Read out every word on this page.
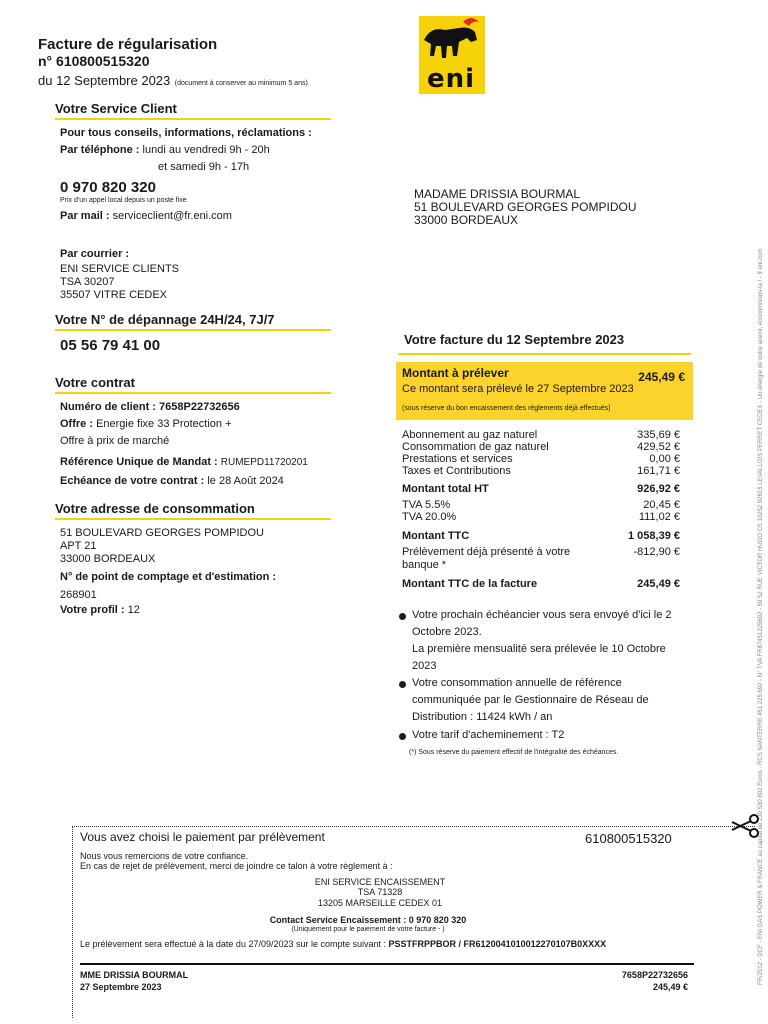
Facture de régularisation
n° 610800515320
du 12 Septembre 2023 (document à conserver au minimum 5 ans)	eni
Votre Service Client
Pour tous conseils, informations, réclamations :
Par téléphone : lundi au vendredi 9h - 20h
et samedi 9h - 17h
0 970 820 320
Prix d'un appel local depuis un poste fixe
Par mail : serviceclient@fr.eni.com
Par courrier :
ENI SERVICE CLIENTS
TSA 30207
35507 VITRE CEDEX
MADAME DRISSIA BOURMAL
51 BOULEVARD GEORGES POMPIDOU
33000 BORDEAUX
Votre N° de dépannage 24H/24, 7J/7
05 56 79 41 00
Votre contrat
Numéro de client : 7658P22732656
Offre : Energie fixe 33 Protection +
Offre à prix de marché
Référence Unique de Mandat : RUMEPD11720201
Echéance de votre contrat : le 28 Août 2024
Votre adresse de consommation
51 BOULEVARD GEORGES POMPIDOU
APT 21
33000 BORDEAUX
N° de point de comptage et d'estimation :
268901
Votre profil : 12
Votre facture du 12 Septembre 2023
Montant à prélever	245,49 €
Ce montant sera prélevé le 27 Septembre 2023
(sous réserve du bon encaissement des règlements déjà effectués)
Abonnement au gaz naturel	335,69 €
Consommation de gaz naturel	429,52 €
Prestations et services	0,00 €
Taxes et Contributions	161,71 €
Montant total HT	926,92 €
TVA 5.5%	20,45 €
TVA 20.0%	111,02 €
Montant TTC	1 058,39 €
Prélèvement déjà présenté à votre	-812,90 €
banque *
Montant TTC de la facture	245,49 €
Votre prochain échéancier vous sera envoyé d'ici le 2
Octobre 2023.
La première mensualité sera prélevée le 10 Octobre
2023
Votre consommation annuelle de référence
communiquée par le Gestionnaire de Réseau de
Distribution : 11424 kWh / an
Votre tarif d'acheminement : T2
(*) Sous réserve du paiement effectif de l'intégralité des échéances.	FR/2012 - DCF - ENI GAS POWER & FRANCE au capital de 239 530 802 Euros - RCS NANTERRE 451 225 692 - N° TVA FR87451225692 - 59 52 RUE VICTOR HUGO CS 10252 92615 LEVALLOIS PERRET CEDEX - Un énergie de notre avenir, économisons-la ! - fr.eni.com
Vous avez choisi le paiement par prélèvement	610800515320
Nous vous remercions de votre confiance.
En cas de rejet de prélèvement, merci de joindre ce talon à votre règlement à :
ENI SERVICE ENCAISSEMENT
TSA 71328
13205 MARSEILLE CEDEX 01
Contact Service Encaissement : 0 970 820 320
(Uniquement pour le paiement de votre facture - )
Le prélèvement sera effectué à la date du 27/09/2023 sur le compte suivant : PSSTFRPPBOR / FR6120041010012270107B0XXXX
MME DRISSIA BOURMAL
27 Septembre 2023
7658P22732656
245,49 €
